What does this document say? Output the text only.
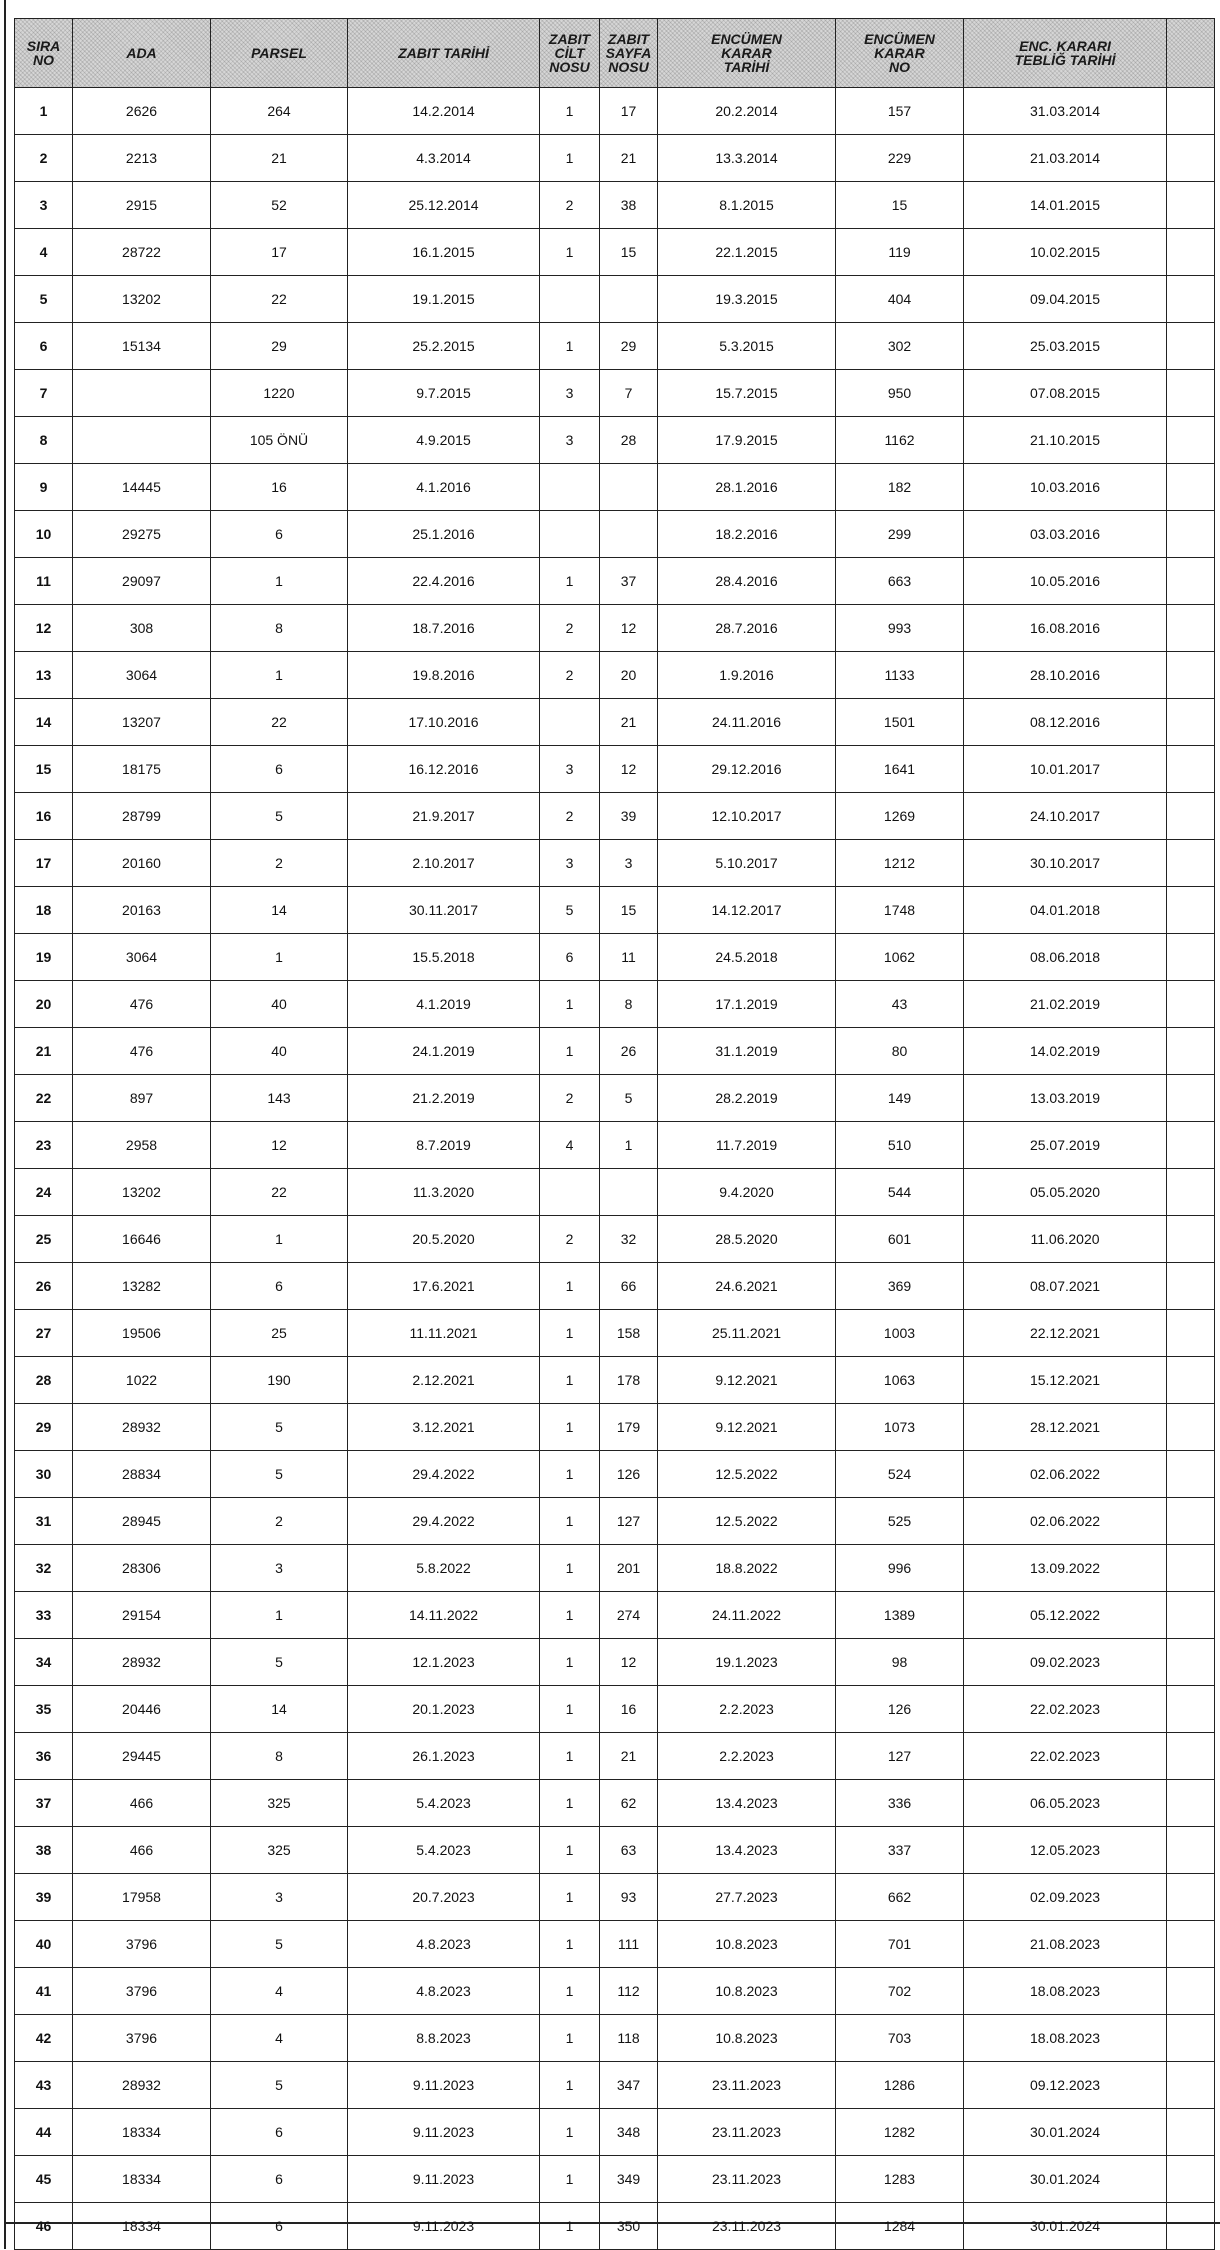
SIRA
NO	ADA	PARSEL	ZABIT TARİHİ	ZABIT
CİLT
NOSU	ZABIT
SAYFA
NOSU	ENCÜMEN
KARAR
TARİHİ	ENCÜMEN
KARAR
NO	ENC. KARARI
TEBLİĞ TARİHİ	

1	2626	264	14.2.2014	1	17	20.2.2014	157	31.03.2014	
2	2213	21	4.3.2014	1	21	13.3.2014	229	21.03.2014	
3	2915	52	25.12.2014	2	38	8.1.2015	15	14.01.2015	
4	28722	17	16.1.2015	1	15	22.1.2015	119	10.02.2015	
5	13202	22	19.1.2015			19.3.2015	404	09.04.2015	
6	15134	29	25.2.2015	1	29	5.3.2015	302	25.03.2015	
7		1220	9.7.2015	3	7	15.7.2015	950	07.08.2015	
8		105 ÖNÜ	4.9.2015	3	28	17.9.2015	1162	21.10.2015	
9	14445	16	4.1.2016			28.1.2016	182	10.03.2016	
10	29275	6	25.1.2016			18.2.2016	299	03.03.2016	
11	29097	1	22.4.2016	1	37	28.4.2016	663	10.05.2016	
12	308	8	18.7.2016	2	12	28.7.2016	993	16.08.2016	
13	3064	1	19.8.2016	2	20	1.9.2016	1133	28.10.2016	
14	13207	22	17.10.2016		21	24.11.2016	1501	08.12.2016	
15	18175	6	16.12.2016	3	12	29.12.2016	1641	10.01.2017	
16	28799	5	21.9.2017	2	39	12.10.2017	1269	24.10.2017	
17	20160	2	2.10.2017	3	3	5.10.2017	1212	30.10.2017	
18	20163	14	30.11.2017	5	15	14.12.2017	1748	04.01.2018	
19	3064	1	15.5.2018	6	11	24.5.2018	1062	08.06.2018	
20	476	40	4.1.2019	1	8	17.1.2019	43	21.02.2019	
21	476	40	24.1.2019	1	26	31.1.2019	80	14.02.2019	
22	897	143	21.2.2019	2	5	28.2.2019	149	13.03.2019	
23	2958	12	8.7.2019	4	1	11.7.2019	510	25.07.2019	
24	13202	22	11.3.2020			9.4.2020	544	05.05.2020	
25	16646	1	20.5.2020	2	32	28.5.2020	601	11.06.2020	
26	13282	6	17.6.2021	1	66	24.6.2021	369	08.07.2021	
27	19506	25	11.11.2021	1	158	25.11.2021	1003	22.12.2021	
28	1022	190	2.12.2021	1	178	9.12.2021	1063	15.12.2021	
29	28932	5	3.12.2021	1	179	9.12.2021	1073	28.12.2021	
30	28834	5	29.4.2022	1	126	12.5.2022	524	02.06.2022	
31	28945	2	29.4.2022	1	127	12.5.2022	525	02.06.2022	
32	28306	3	5.8.2022	1	201	18.8.2022	996	13.09.2022	
33	29154	1	14.11.2022	1	274	24.11.2022	1389	05.12.2022	
34	28932	5	12.1.2023	1	12	19.1.2023	98	09.02.2023	
35	20446	14	20.1.2023	1	16	2.2.2023	126	22.02.2023	
36	29445	8	26.1.2023	1	21	2.2.2023	127	22.02.2023	
37	466	325	5.4.2023	1	62	13.4.2023	336	06.05.2023	
38	466	325	5.4.2023	1	63	13.4.2023	337	12.05.2023	
39	17958	3	20.7.2023	1	93	27.7.2023	662	02.09.2023	
40	3796	5	4.8.2023	1	111	10.8.2023	701	21.08.2023	
41	3796	4	4.8.2023	1	112	10.8.2023	702	18.08.2023	
42	3796	4	8.8.2023	1	118	10.8.2023	703	18.08.2023	
43	28932	5	9.11.2023	1	347	23.11.2023	1286	09.12.2023	
44	18334	6	9.11.2023	1	348	23.11.2023	1282	30.01.2024	
45	18334	6	9.11.2023	1	349	23.11.2023	1283	30.01.2024	
46	18334	6	9.11.2023	1	350	23.11.2023	1284	30.01.2024	
